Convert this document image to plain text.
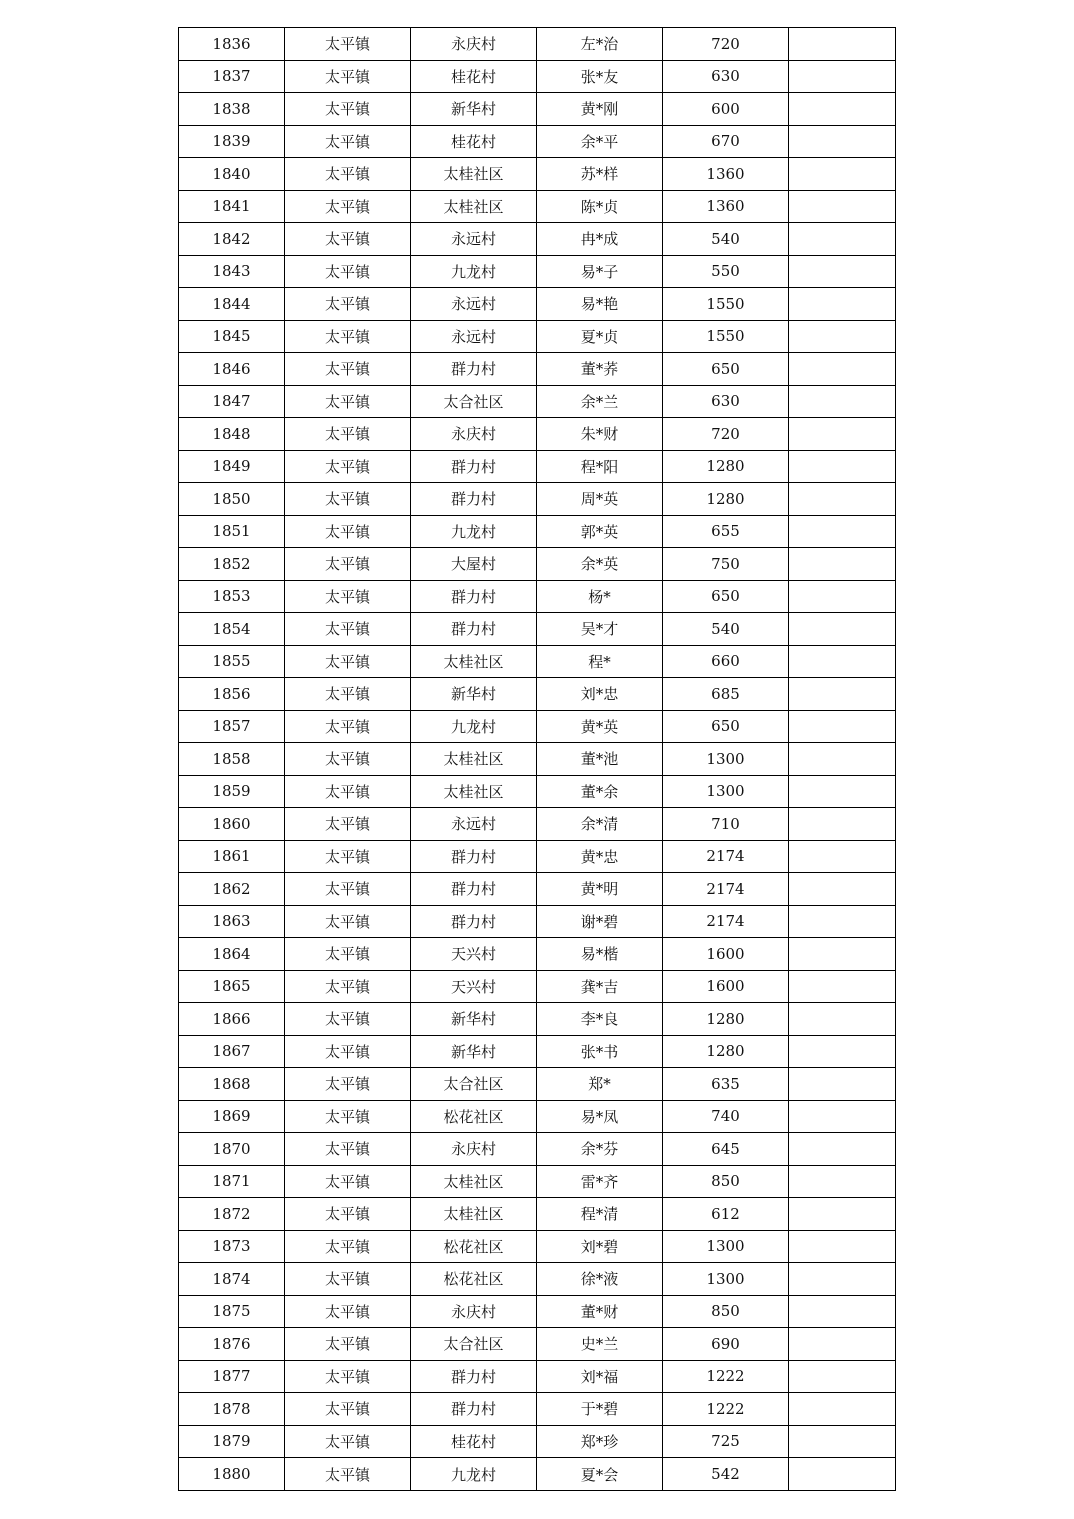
1836	太平镇	永庆村	左*治	720	
1837	太平镇	桂花村	张*友	630	
1838	太平镇	新华村	黄*刚	600	
1839	太平镇	桂花村	余*平	670	
1840	太平镇	太桂社区	苏*样	1360	
1841	太平镇	太桂社区	陈*贞	1360	
1842	太平镇	永远村	冉*成	540	
1843	太平镇	九龙村	易*子	550	
1844	太平镇	永远村	易*艳	1550	
1845	太平镇	永远村	夏*贞	1550	
1846	太平镇	群力村	董*荞	650	
1847	太平镇	太合社区	余*兰	630	
1848	太平镇	永庆村	朱*财	720	
1849	太平镇	群力村	程*阳	1280	
1850	太平镇	群力村	周*英	1280	
1851	太平镇	九龙村	郭*英	655	
1852	太平镇	大屋村	余*英	750	
1853	太平镇	群力村	杨*	650	
1854	太平镇	群力村	吴*才	540	
1855	太平镇	太桂社区	程*	660	
1856	太平镇	新华村	刘*忠	685	
1857	太平镇	九龙村	黄*英	650	
1858	太平镇	太桂社区	董*池	1300	
1859	太平镇	太桂社区	董*余	1300	
1860	太平镇	永远村	余*清	710	
1861	太平镇	群力村	黄*忠	2174	
1862	太平镇	群力村	黄*明	2174	
1863	太平镇	群力村	谢*碧	2174	
1864	太平镇	天兴村	易*楷	1600	
1865	太平镇	天兴村	龚*吉	1600	
1866	太平镇	新华村	李*良	1280	
1867	太平镇	新华村	张*书	1280	
1868	太平镇	太合社区	郑*	635	
1869	太平镇	松花社区	易*凤	740	
1870	太平镇	永庆村	余*芬	645	
1871	太平镇	太桂社区	雷*齐	850	
1872	太平镇	太桂社区	程*清	612	
1873	太平镇	松花社区	刘*碧	1300	
1874	太平镇	松花社区	徐*液	1300	
1875	太平镇	永庆村	董*财	850	
1876	太平镇	太合社区	史*兰	690	
1877	太平镇	群力村	刘*福	1222	
1878	太平镇	群力村	于*碧	1222	
1879	太平镇	桂花村	郑*珍	725	
1880	太平镇	九龙村	夏*会	542	
